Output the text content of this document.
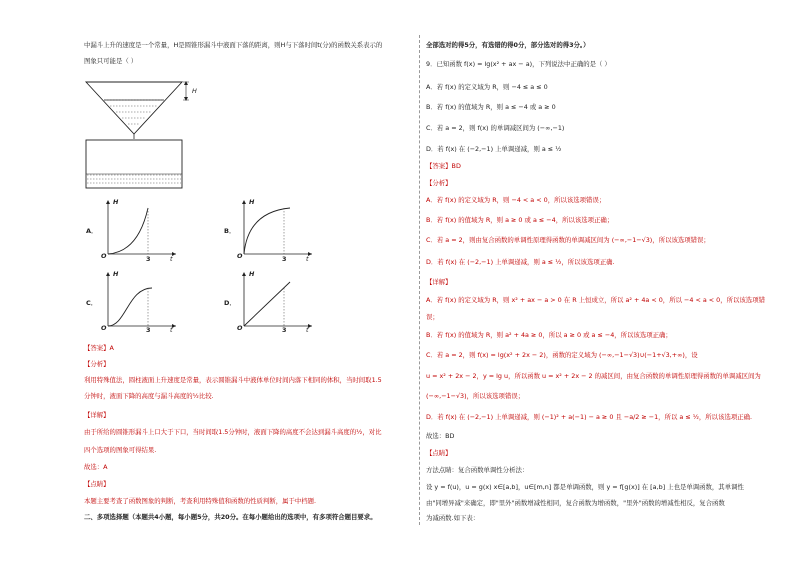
中漏斗上升的速度是一个常量，H是圆锥形漏斗中液面下落的距离，则H与下落时间t(分)的函数关系表示的
图象只可能是（ ）
H
A．
H
O	3	t
B．
H
O	3	t
C．
H
O	3	t
D．
H
O	3	t
【答案】A
【分析】
利用特殊值法，圆柱液面上升速度是常量，表示圆锥漏斗中液体单位时间内落下相同的体积，当时间取1.5
分钟时，液面下降的高度与漏斗高度的½比较.
【详解】
由于所给的圆锥形漏斗上口大于下口，当时间取1.5分钟时，液面下降的高度不会达到漏斗高度的½，对比
四个选项的图象可得结果.
故选：A
【点睛】
本题主要考查了函数图象的判断，考查利用特殊值和函数的性质判断，属于中档题.
二、多项选择题（本题共4小题，每小题5分，共20分。在每小题给出的选项中，有多项符合题目要求。
全部选对的得5分，有选错的得0分，部分选对的得3分。）
9．已知函数 f(x) = lg(x² + ax − a)，下列说法中正确的是（ ）
A．若 f(x) 的定义域为 R，则 −4 ≤ a ≤ 0
B．若 f(x) 的值域为 R，则 a ≤ −4 或 a ≥ 0
C．若 a = 2，则 f(x) 的单调减区间为 (−∞,−1)
D．若 f(x) 在 (−2,−1) 上单调递减，则 a ≤ ½
【答案】BD
【分析】
A．若 f(x) 的定义域为 R，则 −4 < a < 0，所以该选项错误；
B．若 f(x) 的值域为 R，则 a ≥ 0 或 a ≤ −4，所以该选项正确；
C．若 a = 2，则由复合函数的单调性原理得函数的单调减区间为 (−∞,−1−√3)，所以该选项错误；
D．若 f(x) 在 (−2,−1) 上单调递减，则 a ≤ ½，所以该选项正确.
【详解】
A．若 f(x) 的定义域为 R，则 x² + ax − a > 0 在 R 上恒成立，所以 a² + 4a < 0，所以 −4 < a < 0，所以该选项错
误；
B．若 f(x) 的值域为 R，则 a² + 4a ≥ 0，所以 a ≥ 0 或 a ≤ −4，所以该选项正确；
C．若 a = 2，则 f(x) = lg(x² + 2x − 2)，函数的定义域为 (−∞,−1−√3)∪(−1+√3,+∞)，设
u = x² + 2x − 2，y = lg u，所以函数 u = x² + 2x − 2 的减区间，由复合函数的单调性原理得函数的单调减区间为
(−∞,−1−√3)，所以该选项错误；
D．若 f(x) 在 (−2,−1) 上单调递减，则 (−1)² + a(−1) − a ≥ 0 且 −a/2 ≥ −1，所以 a ≤ ½，所以该选项正确.
故选：BD
【点睛】
方法点睛：复合函数单调性分析法：
设 y = f(u)，u = g(x) x∈[a,b]，u∈[m,n] 都是单调函数，则 y = f[g(x)] 在 [a,b] 上也是单调函数，其单调性
由"同增异减"来确定，即"里外"函数增减性相同，复合函数为增函数，"里外"函数的增减性相反，复合函数
为减函数.如下表：
